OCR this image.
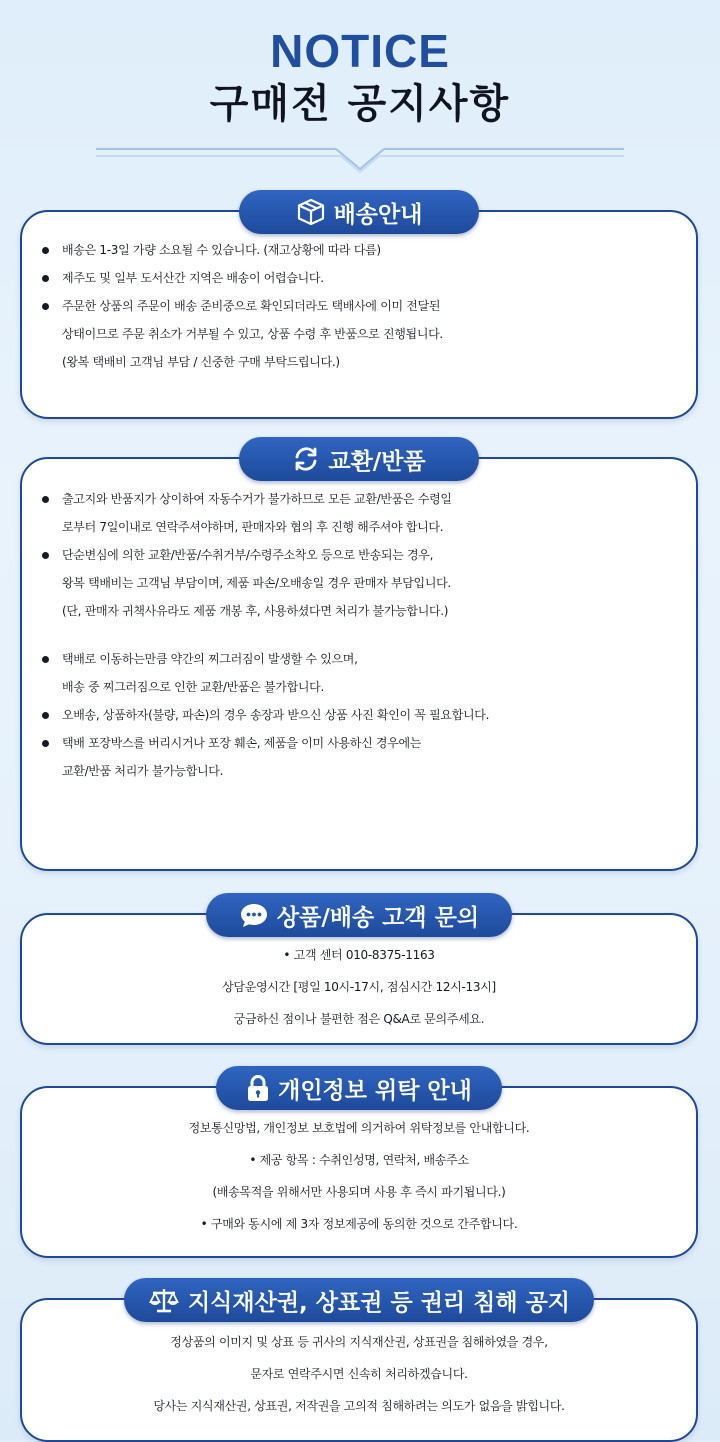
NOTICE
구매전 공지사항
배송은 1-3일 가량 소요될 수 있습니다. (재고상황에 따라 다름)
제주도 및 일부 도서산간 지역은 배송이 어렵습니다.
주문한 상품의 주문이 배송 준비중으로 확인되더라도 택배사에 이미 전달된
상태이므로 주문 취소가 거부될 수 있고, 상품 수령 후 반품으로 진행됩니다.
(왕복 택배비 고객님 부담 / 신중한 구매 부탁드립니다.)
배송안내
출고지와 반품지가 상이하여 자동수거가 불가하므로 모든 교환/반품은 수령일
로부터 7일이내로 연락주셔야하며, 판매자와 협의 후 진행 해주셔야 합니다.
단순변심에 의한 교환/반품/수취거부/수령주소착오 등으로 반송되는 경우,
왕복 택배비는 고객님 부담이며, 제품 파손/오배송일 경우 판매자 부담입니다.
(단, 판매자 귀책사유라도 제품 개봉 후, 사용하셨다면 처리가 불가능합니다.)
택배로 이동하는만큼 약간의 찌그러짐이 발생할 수 있으며,
배송 중 찌그러짐으로 인한 교환/반품은 불가합니다.
오배송, 상품하자(불량, 파손)의 경우 송장과 받으신 상품 사진 확인이 꼭 필요합니다.
택배 포장박스를 버리시거나 포장 훼손, 제품을 이미 사용하신 경우에는
교환/반품 처리가 불가능합니다.
교환/반품
• 고객 센터 010-8375-1163
상담운영시간 [평일 10시-17시, 점심시간 12시-13시]
궁금하신 점이나 불편한 점은 Q&A로 문의주세요.
상품/배송 고객 문의
정보통신망법, 개인정보 보호법에 의거하여 위탁정보를 안내합니다.
• 제공 항목 : 수취인성명, 연락처, 배송주소
(배송목적을 위해서만 사용되며 사용 후 즉시 파기됩니다.)
• 구매와 동시에 제 3자 정보제공에 동의한 것으로 간주합니다.
개인정보 위탁 안내
정상품의 이미지 및 상표 등 귀사의 지식재산권, 상표권을 침해하였을 경우,
문자로 연락주시면 신속히 처리하겠습니다.
당사는 지식재산권, 상표권, 저작권을 고의적 침해하려는 의도가 없음을 밝힙니다.
지식재산권, 상표권 등 권리 침해 공지
